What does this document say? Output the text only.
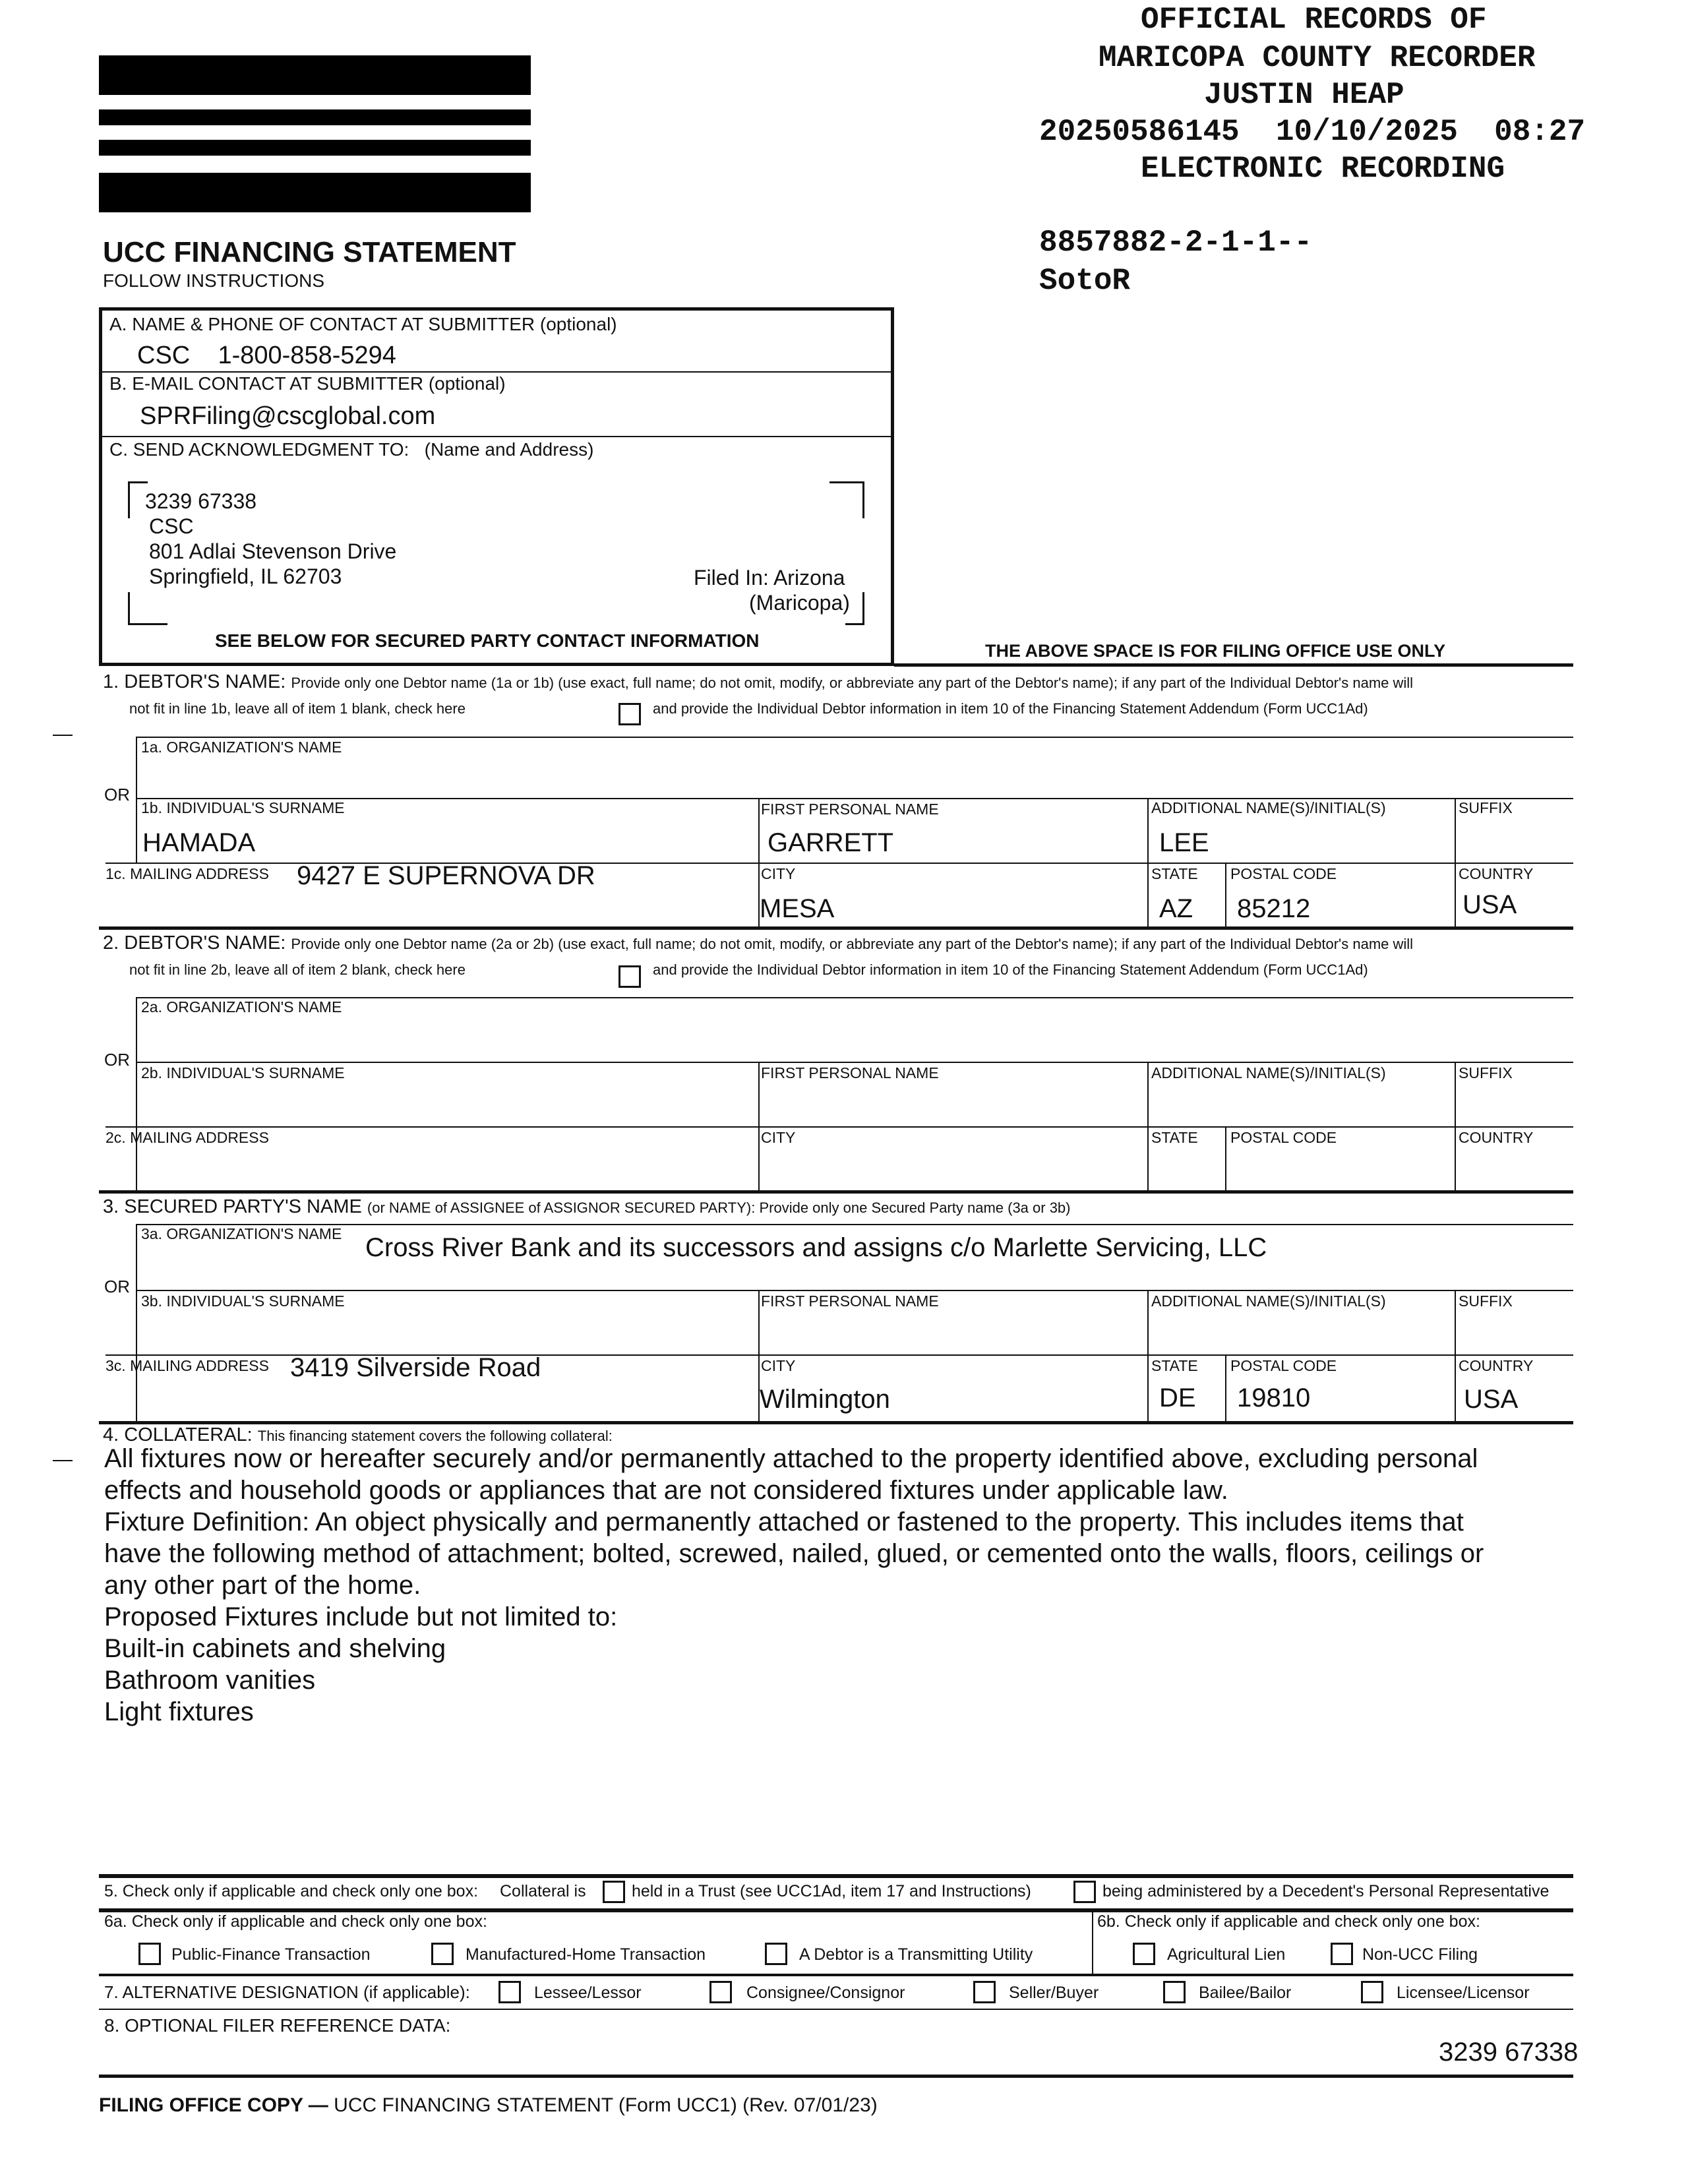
OFFICIAL RECORDS OF
MARICOPA COUNTY RECORDER
JUSTIN HEAP
20250586145  10/10/2025  08:27
ELECTRONIC RECORDING
8857882-2-1-1--
SotoR
UCC FINANCING STATEMENT
FOLLOW INSTRUCTIONS
A. NAME & PHONE OF CONTACT AT SUBMITTER (optional)
CSC    1-800-858-5294
B. E-MAIL CONTACT AT SUBMITTER (optional)
SPRFiling@cscglobal.com
C. SEND ACKNOWLEDGMENT TO:   (Name and Address)
3239 67338
CSC
801 Adlai Stevenson Drive
Springfield, IL 62703	Filed In: Arizona
(Maricopa)
SEE BELOW FOR SECURED PARTY CONTACT INFORMATION	THE ABOVE SPACE IS FOR FILING OFFICE USE ONLY
1. DEBTOR'S NAME: Provide only one Debtor name (1a or 1b) (use exact, full name; do not omit, modify, or abbreviate any part of the Debtor's name); if any part of the Individual Debtor's name will
not fit in line 1b, leave all of item 1 blank, check here	and provide the Individual Debtor information in item 10 of the Financing Statement Addendum (Form UCC1Ad)
1a. ORGANIZATION'S NAME
OR
1b. INDIVIDUAL'S SURNAME	FIRST PERSONAL NAME	ADDITIONAL NAME(S)/INITIAL(S)	SUFFIX
HAMADA	GARRETT	LEE
1c. MAILING ADDRESS 9427 E SUPERNOVA DR	CITY	STATE POSTAL CODE	COUNTRY
MESA	AZ 85212	USA
2. DEBTOR'S NAME: Provide only one Debtor name (2a or 2b) (use exact, full name; do not omit, modify, or abbreviate any part of the Debtor's name); if any part of the Individual Debtor's name will
not fit in line 2b, leave all of item 2 blank, check here	and provide the Individual Debtor information in item 10 of the Financing Statement Addendum (Form UCC1Ad)
2a. ORGANIZATION'S NAME
OR
2b. INDIVIDUAL'S SURNAME	FIRST PERSONAL NAME	ADDITIONAL NAME(S)/INITIAL(S)	SUFFIX
2c. MAILING ADDRESS	CITY	STATE POSTAL CODE	COUNTRY
3. SECURED PARTY'S NAME (or NAME of ASSIGNEE of ASSIGNOR SECURED PARTY): Provide only one Secured Party name (3a or 3b)
3a. ORGANIZATION'S NAME Cross River Bank and its successors and assigns c/o Marlette Servicing, LLC
OR
3b. INDIVIDUAL'S SURNAME	FIRST PERSONAL NAME	ADDITIONAL NAME(S)/INITIAL(S)	SUFFIX
3c. MAILING ADDRESS 3419 Silverside Road	CITY	STATE POSTAL CODE	COUNTRY
Wilmington	DE 19810	USA
4. COLLATERAL: This financing statement covers the following collateral:
All fixtures now or hereafter securely and/or permanently attached to the property identified above, excluding personal
effects and household goods or appliances that are not considered fixtures under applicable law.
Fixture Definition: An object physically and permanently attached or fastened to the property. This includes items that
have the following method of attachment; bolted, screwed, nailed, glued, or cemented onto the walls, floors, ceilings or
any other part of the home.
Proposed Fixtures include but not limited to:
Built-in cabinets and shelving
Bathroom vanities
Light fixtures
5. Check only if applicable and check only one box: Collateral is	held in a Trust (see UCC1Ad, item 17 and Instructions)	being administered by a Decedent's Personal Representative
6a. Check only if applicable and check only one box:	6b. Check only if applicable and check only one box:
Public-Finance Transaction	Manufactured-Home Transaction	A Debtor is a Transmitting Utility	Agricultural Lien	Non-UCC Filing
7. ALTERNATIVE DESIGNATION (if applicable):	Lessee/Lessor	Consignee/Consignor	Seller/Buyer	Bailee/Bailor	Licensee/Licensor
8. OPTIONAL FILER REFERENCE DATA:
3239 67338
FILING OFFICE COPY — UCC FINANCING STATEMENT (Form UCC1) (Rev. 07/01/23)
